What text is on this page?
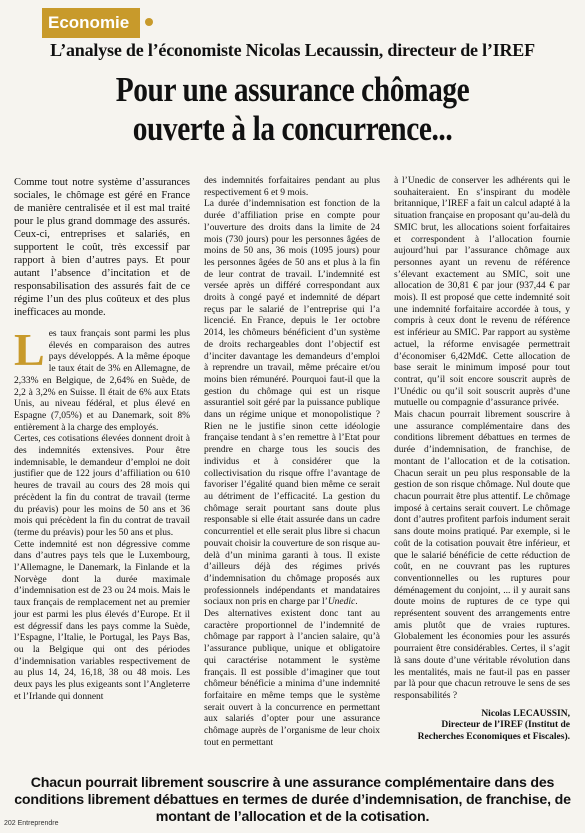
Economie
L’analyse de l’économiste Nicolas Lecaussin, directeur de l’IREF
Pour une assurance chômage
ouverte à la concurrence...

Comme tout notre système d’assurances sociales, le chômage est géré en France de manière centralisée et il est mal traité pour le plus grand dommage des assurés. Ceux-ci, entreprises et salariés, en supportent le coût, très excessif par rapport à bien d’autres pays. Et pour autant l’absence d’incitation et de responsabilisation des assurés fait de ce régime l’un des plus coûteux et des plus inefficaces au monde.

Les taux français sont parmi les plus élevés en comparaison des autres pays développés. A la même époque le taux était de 3% en Allemagne, de 2,33% en Belgique, de 2,64% en Suède, de 2,2 à 3,2% en Suisse. Il était de 6% aux Etats Unis, au niveau fédéral, et plus élevé en Espagne (7,05%) et au Danemark, soit 8% entièrement à la charge des employés.

Certes, ces cotisations élevées donnent droit à des indemnités extensives. Pour être indemnisable, le demandeur d’emploi ne doit justifier que de 122 jours d’affiliation ou 610 heures de travail au cours des 28 mois qui précèdent la fin du contrat de travail (terme du préavis) pour les moins de 50 ans et 36 mois qui précèdent la fin du contrat de travail (terme du préavis) pour les 50 ans et plus.

Cette indemnité est non dégressive comme dans d’autres pays tels que le Luxembourg, l’Allemagne, le Danemark, la Finlande et la Norvège dont la durée maximale d’indemnisation est de 23 ou 24 mois. Mais le taux français de remplacement net au premier jour est parmi les plus élevés d’Europe. Et il est dégressif dans les pays comme la Suède, l’Espagne, l’Italie, le Portugal, les Pays Bas, ou la Belgique qui ont des périodes d’indemnisation variables respectivement de au plus 14, 24, 16,18, 38 ou 48 mois. Les deux pays les plus exigeants sont l’Angleterre et l’Irlande qui donnent

des indemnités forfaitaires pendant au plus respectivement 6 et 9 mois.

La durée d’indemnisation est fonction de la durée d’affiliation prise en compte pour l’ouverture des droits dans la limite de 24 mois (730 jours) pour les personnes âgées de moins de 50 ans, 36 mois (1095 jours) pour les personnes âgées de 50 ans et plus à la fin de leur contrat de travail. L’indemnité est versée après un différé correspondant aux droits à congé payé et indemnité de départ reçus par le salarié de l’entreprise qui l’a licencié. En France, depuis le 1er octobre 2014, les chômeurs bénéficient d’un système de droits rechargeables dont l’objectif est d’inciter davantage les demandeurs d’emploi à reprendre un travail, même précaire et/ou moins bien rémunéré. Pourquoi faut-il que la gestion du chômage qui est un risque assurantiel soit géré par la puissance publique dans un régime unique et monopolistique ? Rien ne le justifie sinon cette idéologie française tendant à s’en remettre à l’Etat pour prendre en charge tous les soucis des individus et à considérer que la collectivisation du risque offre l’avantage de favoriser l’égalité quand bien même ce serait au détriment de l’efficacité. La gestion du chômage serait pourtant sans doute plus responsable si elle était assurée dans un cadre concurrentiel et elle serait plus libre si chacun pouvait choisir la couverture de son risque au-delà d’un minima garanti à tous. Il existe d’ailleurs déjà des régimes privés d’indemnisation du chômage proposés aux professionnels indépendants et mandataires sociaux non pris en charge par l’Unedic.

Des alternatives existent donc tant au caractère proportionnel de l’indemnité de chômage par rapport à l’ancien salaire, qu’à l’assurance publique, unique et obligatoire qui caractérise notamment le système français. Il est possible d’imaginer que tout chômeur bénéficie a minima d’une indemnité forfaitaire en même temps que le système serait ouvert à la concurrence en permettant aux salariés d’opter pour une assurance chômage auprès de l’organisme de leur choix tout en permettant

à l’Unedic de conserver les adhérents qui le souhaiteraient. En s’inspirant du modèle britannique, l’IREF a fait un calcul adapté à la situation française en proposant qu’au-delà du SMIC brut, les allocations soient forfaitaires et correspondent à l’allocation fournie aujourd’hui par l’assurance chômage aux personnes ayant un revenu de référence s’élevant exactement au SMIC, soit une allocation de 30,81 € par jour (937,44 € par mois). Il est proposé que cette indemnité soit une indemnité forfaitaire accordée à tous, y compris à ceux dont le revenu de référence est inférieur au SMIC. Par rapport au système actuel, la réforme envisagée permettrait d’économiser 6,42Md€. Cette allocation de base serait le minimum imposé pour tout contrat, qu’il soit encore souscrit auprès de l’Unédic ou qu’il soit souscrit auprès d’une mutuelle ou compagnie d’assurance privée.

Mais chacun pourrait librement souscrire à une assurance complémentaire dans des conditions librement débattues en termes de durée d’indemnisation, de franchise, de montant de l’allocation et de la cotisation. Chacun serait un peu plus responsable de la gestion de son risque chômage. Nul doute que chacun pourrait être plus attentif. Le chômage imposé à certains serait couvert. Le chômage dont d’autres profitent parfois indument serait sans doute moins pratiqué. Par exemple, si le coût de la cotisation pouvait être inférieur, et que le salarié bénéficie de cette réduction de coût, en ne couvrant pas les ruptures conventionnelles ou les ruptures pour déménagement du conjoint, ... il y aurait sans doute moins de ruptures de ce type qui représentent souvent des arrangements entre amis plutôt que de vraies ruptures. Globalement les économies pour les assurés pourraient être considérables. Certes, il s’agit là sans doute d’une véritable révolution dans les mentalités, mais ne faut-il pas en passer par là pour que chacun retrouve le sens de ses responsabilités ?

Nicolas LECAUSSIN,
Directeur de l’IREF (Institut de Recherches Economiques et Fiscales).
Chacun pourrait librement souscrire à une assurance complémentaire dans des conditions librement débattues en termes de durée d’indemnisation, de franchise, de montant de l’allocation et de la cotisation.
202 Entreprendre
